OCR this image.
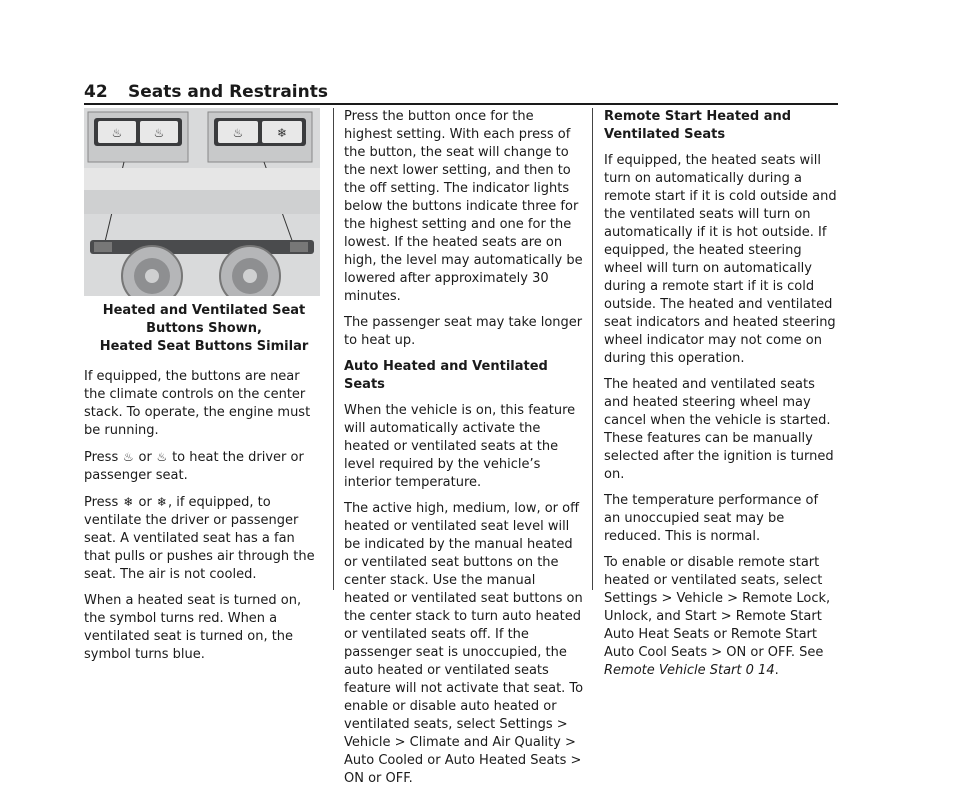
42 Seats and Restraints
♨	♨	♨	❄
Heated and Ventilated Seat Buttons Shown,
Heated Seat Buttons Similar

If equipped, the buttons are near the climate controls on the center stack. To operate, the engine must be running.

Press ♨ or ♨ to heat the driver or passenger seat.

Press ❄ or ❄, if equipped, to ventilate the driver or passenger seat. A ventilated seat has a fan that pulls or pushes air through the seat. The air is not cooled.

When a heated seat is turned on, the symbol turns red. When a ventilated seat is turned on, the symbol turns blue.

Press the button once for the highest setting. With each press of the button, the seat will change to the next lower setting, and then to the off setting. The indicator lights below the buttons indicate three for the highest setting and one for the lowest. If the heated seats are on high, the level may automatically be lowered after approximately 30 minutes.

The passenger seat may take longer to heat up.

Auto Heated and Ventilated Seats

When the vehicle is on, this feature will automatically activate the heated or ventilated seats at the level required by the vehicle’s interior temperature.

The active high, medium, low, or off heated or ventilated seat level will be indicated by the manual heated or ventilated seat buttons on the center stack. Use the manual heated or ventilated seat buttons on the center stack to turn auto heated or ventilated seats off. If the passenger seat is unoccupied, the auto heated or ventilated seats feature will not activate that seat. To enable or disable auto heated or ventilated seats, select Settings > Vehicle > Climate and Air Quality > Auto Cooled or Auto Heated Seats > ON or OFF.

Remote Start Heated and Ventilated Seats

If equipped, the heated seats will turn on automatically during a remote start if it is cold outside and the ventilated seats will turn on automatically if it is hot outside. If equipped, the heated steering wheel will turn on automatically during a remote start if it is cold outside. The heated and ventilated seat indicators and heated steering wheel indicator may not come on during this operation.

The heated and ventilated seats and heated steering wheel may cancel when the vehicle is started. These features can be manually selected after the ignition is turned on.

The temperature performance of an unoccupied seat may be reduced. This is normal.

To enable or disable remote start heated or ventilated seats, select Settings > Vehicle > Remote Lock, Unlock, and Start > Remote Start Auto Heat Seats or Remote Start Auto Cool Seats > ON or OFF. See Remote Vehicle Start 0 14.
